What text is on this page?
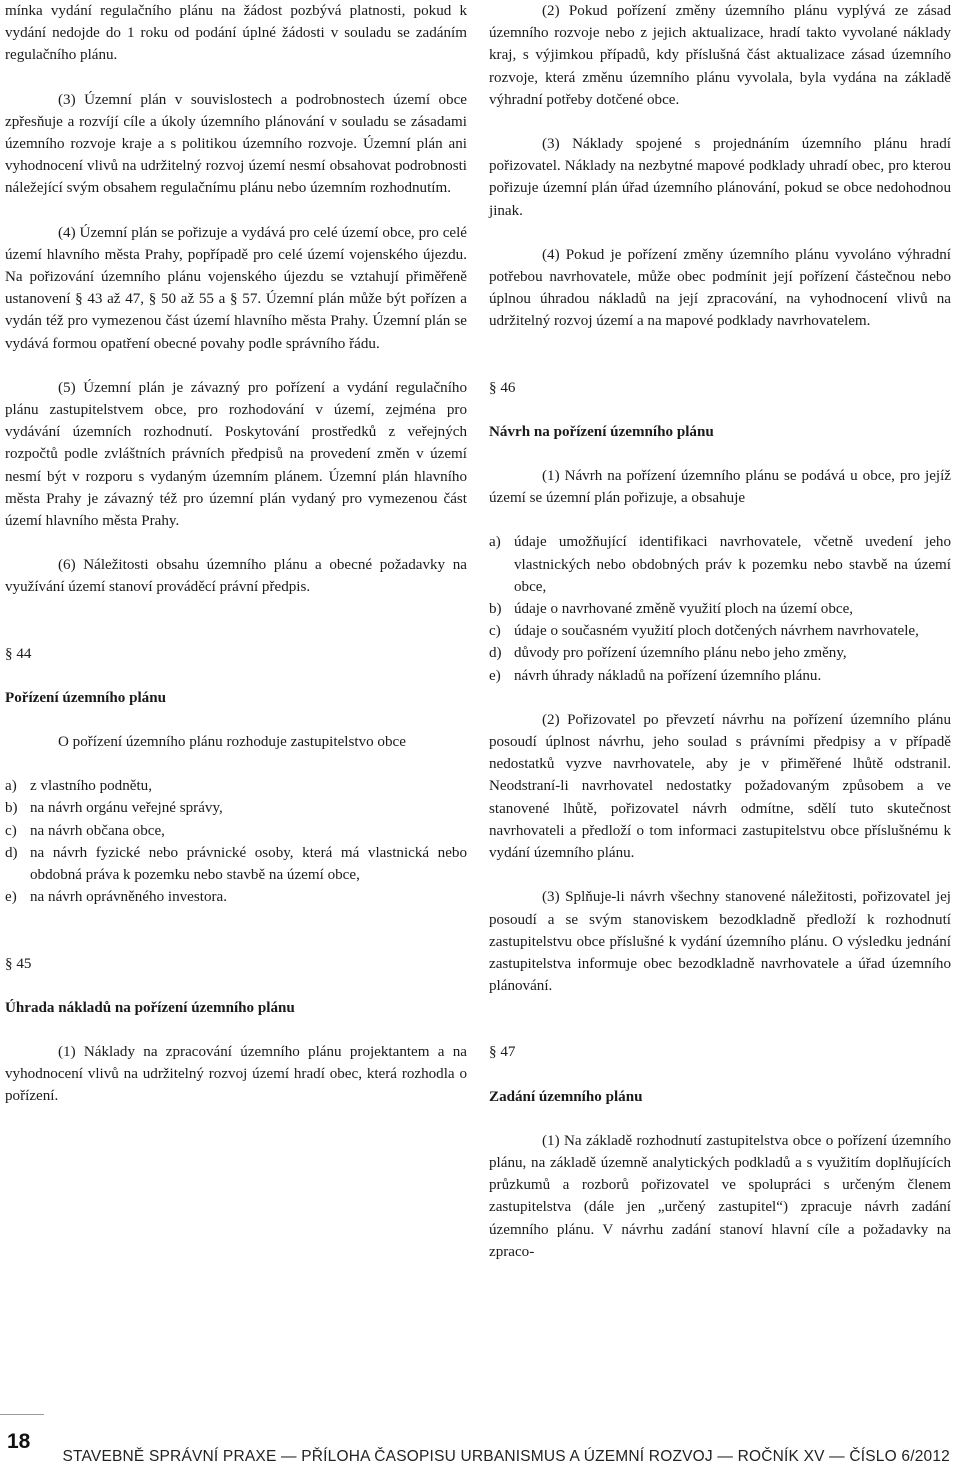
mínka vydání regulačního plánu na žádost pozbývá platnosti, pokud k vydání nedojde do 1 roku od podání úplné žádosti v souladu se zadáním regulačního plánu.

(3) Územní plán v souvislostech a podrobnostech území obce zpřesňuje a rozvíjí cíle a úkoly územního plánování v souladu se zásadami územního rozvoje kraje a s politikou územního rozvoje. Územní plán ani vyhodnocení vlivů na udržitelný rozvoj území nesmí obsahovat podrobnosti náležející svým obsahem regulačnímu plánu nebo územním rozhodnutím.

(4) Územní plán se pořizuje a vydává pro celé území obce, pro celé území hlavního města Prahy, popřípadě pro celé území vojenského újezdu. Na pořizování územního plánu vojenského újezdu se vztahují přiměřeně ustanovení § 43 až 47, § 50 až 55 a § 57. Územní plán může být pořízen a vydán též pro vymezenou část území hlavního města Prahy. Územní plán se vydává formou opatření obecné povahy podle správního řádu.

(5) Územní plán je závazný pro pořízení a vydání regulačního plánu zastupitelstvem obce, pro rozhodování v území, zejména pro vydávání územních rozhodnutí. Poskytování prostředků z veřejných rozpočtů podle zvláštních právních předpisů na provedení změn v území nesmí být v rozporu s vydaným územním plánem. Územní plán hlavního města Prahy je závazný též pro územní plán vydaný pro vymezenou část území hlavního města Prahy.

(6) Náležitosti obsahu územního plánu a obecné požadavky na využívání území stanoví prováděcí právní předpis.

§ 44

Pořízení územního plánu

O pořízení územního plánu rozhoduje zastupitelstvo obce

a) z vlastního podnětu,
b) na návrh orgánu veřejné správy,
c) na návrh občana obce,
d) na návrh fyzické nebo právnické osoby, která má vlastnická nebo obdobná práva k pozemku nebo stavbě na území obce,
e) na návrh oprávněného investora.

§ 45

Úhrada nákladů na pořízení územního plánu

(1) Náklady na zpracování územního plánu projektantem a na vyhodnocení vlivů na udržitelný rozvoj území hradí obec, která rozhodla o pořízení.

(2) Pokud pořízení změny územního plánu vyplývá ze zásad územního rozvoje nebo z jejich aktualizace, hradí takto vyvolané náklady kraj, s výjimkou případů, kdy příslušná část aktualizace zásad územního rozvoje, která změnu územního plánu vyvolala, byla vydána na základě výhradní potřeby dotčené obce.

(3) Náklady spojené s projednáním územního plánu hradí pořizovatel. Náklady na nezbytné mapové podklady uhradí obec, pro kterou pořizuje územní plán úřad územního plánování, pokud se obce nedohodnou jinak.

(4) Pokud je pořízení změny územního plánu vyvoláno výhradní potřebou navrhovatele, může obec podmínit její pořízení částečnou nebo úplnou úhradou nákladů na její zpracování, na vyhodnocení vlivů na udržitelný rozvoj území a na mapové podklady navrhovatelem.

§ 46

Návrh na pořízení územního plánu

(1) Návrh na pořízení územního plánu se podává u obce, pro jejíž území se územní plán pořizuje, a obsahuje

a) údaje umožňující identifikaci navrhovatele, včetně uvedení jeho vlastnických nebo obdobných práv k pozemku nebo stavbě na území obce,
b) údaje o navrhované změně využití ploch na území obce,
c) údaje o současném využití ploch dotčených návrhem navrhovatele,
d) důvody pro pořízení územního plánu nebo jeho změny,
e) návrh úhrady nákladů na pořízení územního plánu.

(2) Pořizovatel po převzetí návrhu na pořízení územního plánu posoudí úplnost návrhu, jeho soulad s právními předpisy a v případě nedostatků vyzve navrhovatele, aby je v přiměřené lhůtě odstranil. Neodstraní-li navrhovatel nedostatky požadovaným způsobem a ve stanovené lhůtě, pořizovatel návrh odmítne, sdělí tuto skutečnost navrhovateli a předloží o tom informaci zastupitelstvu obce příslušnému k vydání územního plánu.

(3) Splňuje-li návrh všechny stanovené náležitosti, pořizovatel jej posoudí a se svým stanoviskem bezodkladně předloží k rozhodnutí zastupitelstvu obce příslušné k vydání územního plánu. O výsledku jednání zastupitelstva informuje obec bezodkladně navrhovatele a úřad územního plánování.

§ 47

Zadání územního plánu

(1) Na základě rozhodnutí zastupitelstva obce o pořízení územního plánu, na základě územně analytických podkladů a s využitím doplňujících průzkumů a rozborů pořizovatel ve spolupráci s určeným členem zastupitelstva (dále jen „určený zastupitel“) zpracuje návrh zadání územního plánu. V návrhu zadání stanoví hlavní cíle a požadavky na zpraco-

18
STAVEBNĚ SPRÁVNÍ PRAXE — PŘÍLOHA ČASOPISU URBANISMUS A ÚZEMNÍ ROZVOJ — ROČNÍK XV — ČÍSLO 6/2012
